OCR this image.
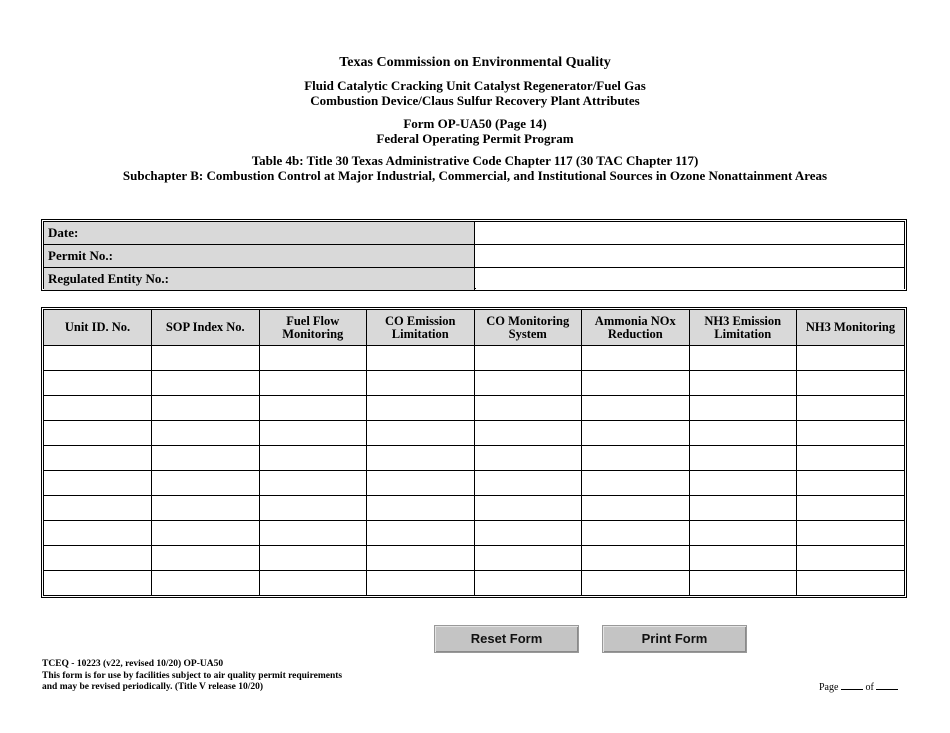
Texas Commission on Environmental Quality
Fluid Catalytic Cracking Unit Catalyst Regenerator/Fuel Gas
Combustion Device/Claus Sulfur Recovery Plant Attributes
Form OP-UA50 (Page 14)
Federal Operating Permit Program
Table 4b: Title 30 Texas Administrative Code Chapter 117 (30 TAC Chapter 117)
Subchapter B: Combustion Control at Major Industrial, Commercial, and Institutional Sources in Ozone Nonattainment Areas
Date:
Permit No.:
Regulated Entity No.:
Unit ID. No.	SOP Index No.	Fuel Flow Monitoring	CO Emission Limitation	CO Monitoring System	Ammonia NOx Reduction	NH3 Emission Limitation	NH3 Monitoring

Reset Form	Print Form
TCEQ - 10223 (v22, revised 10/20) OP-UA50
This form is for use by facilities subject to air quality permit requirements
and may be revised periodically. (Title V release 10/20)	Page	of
